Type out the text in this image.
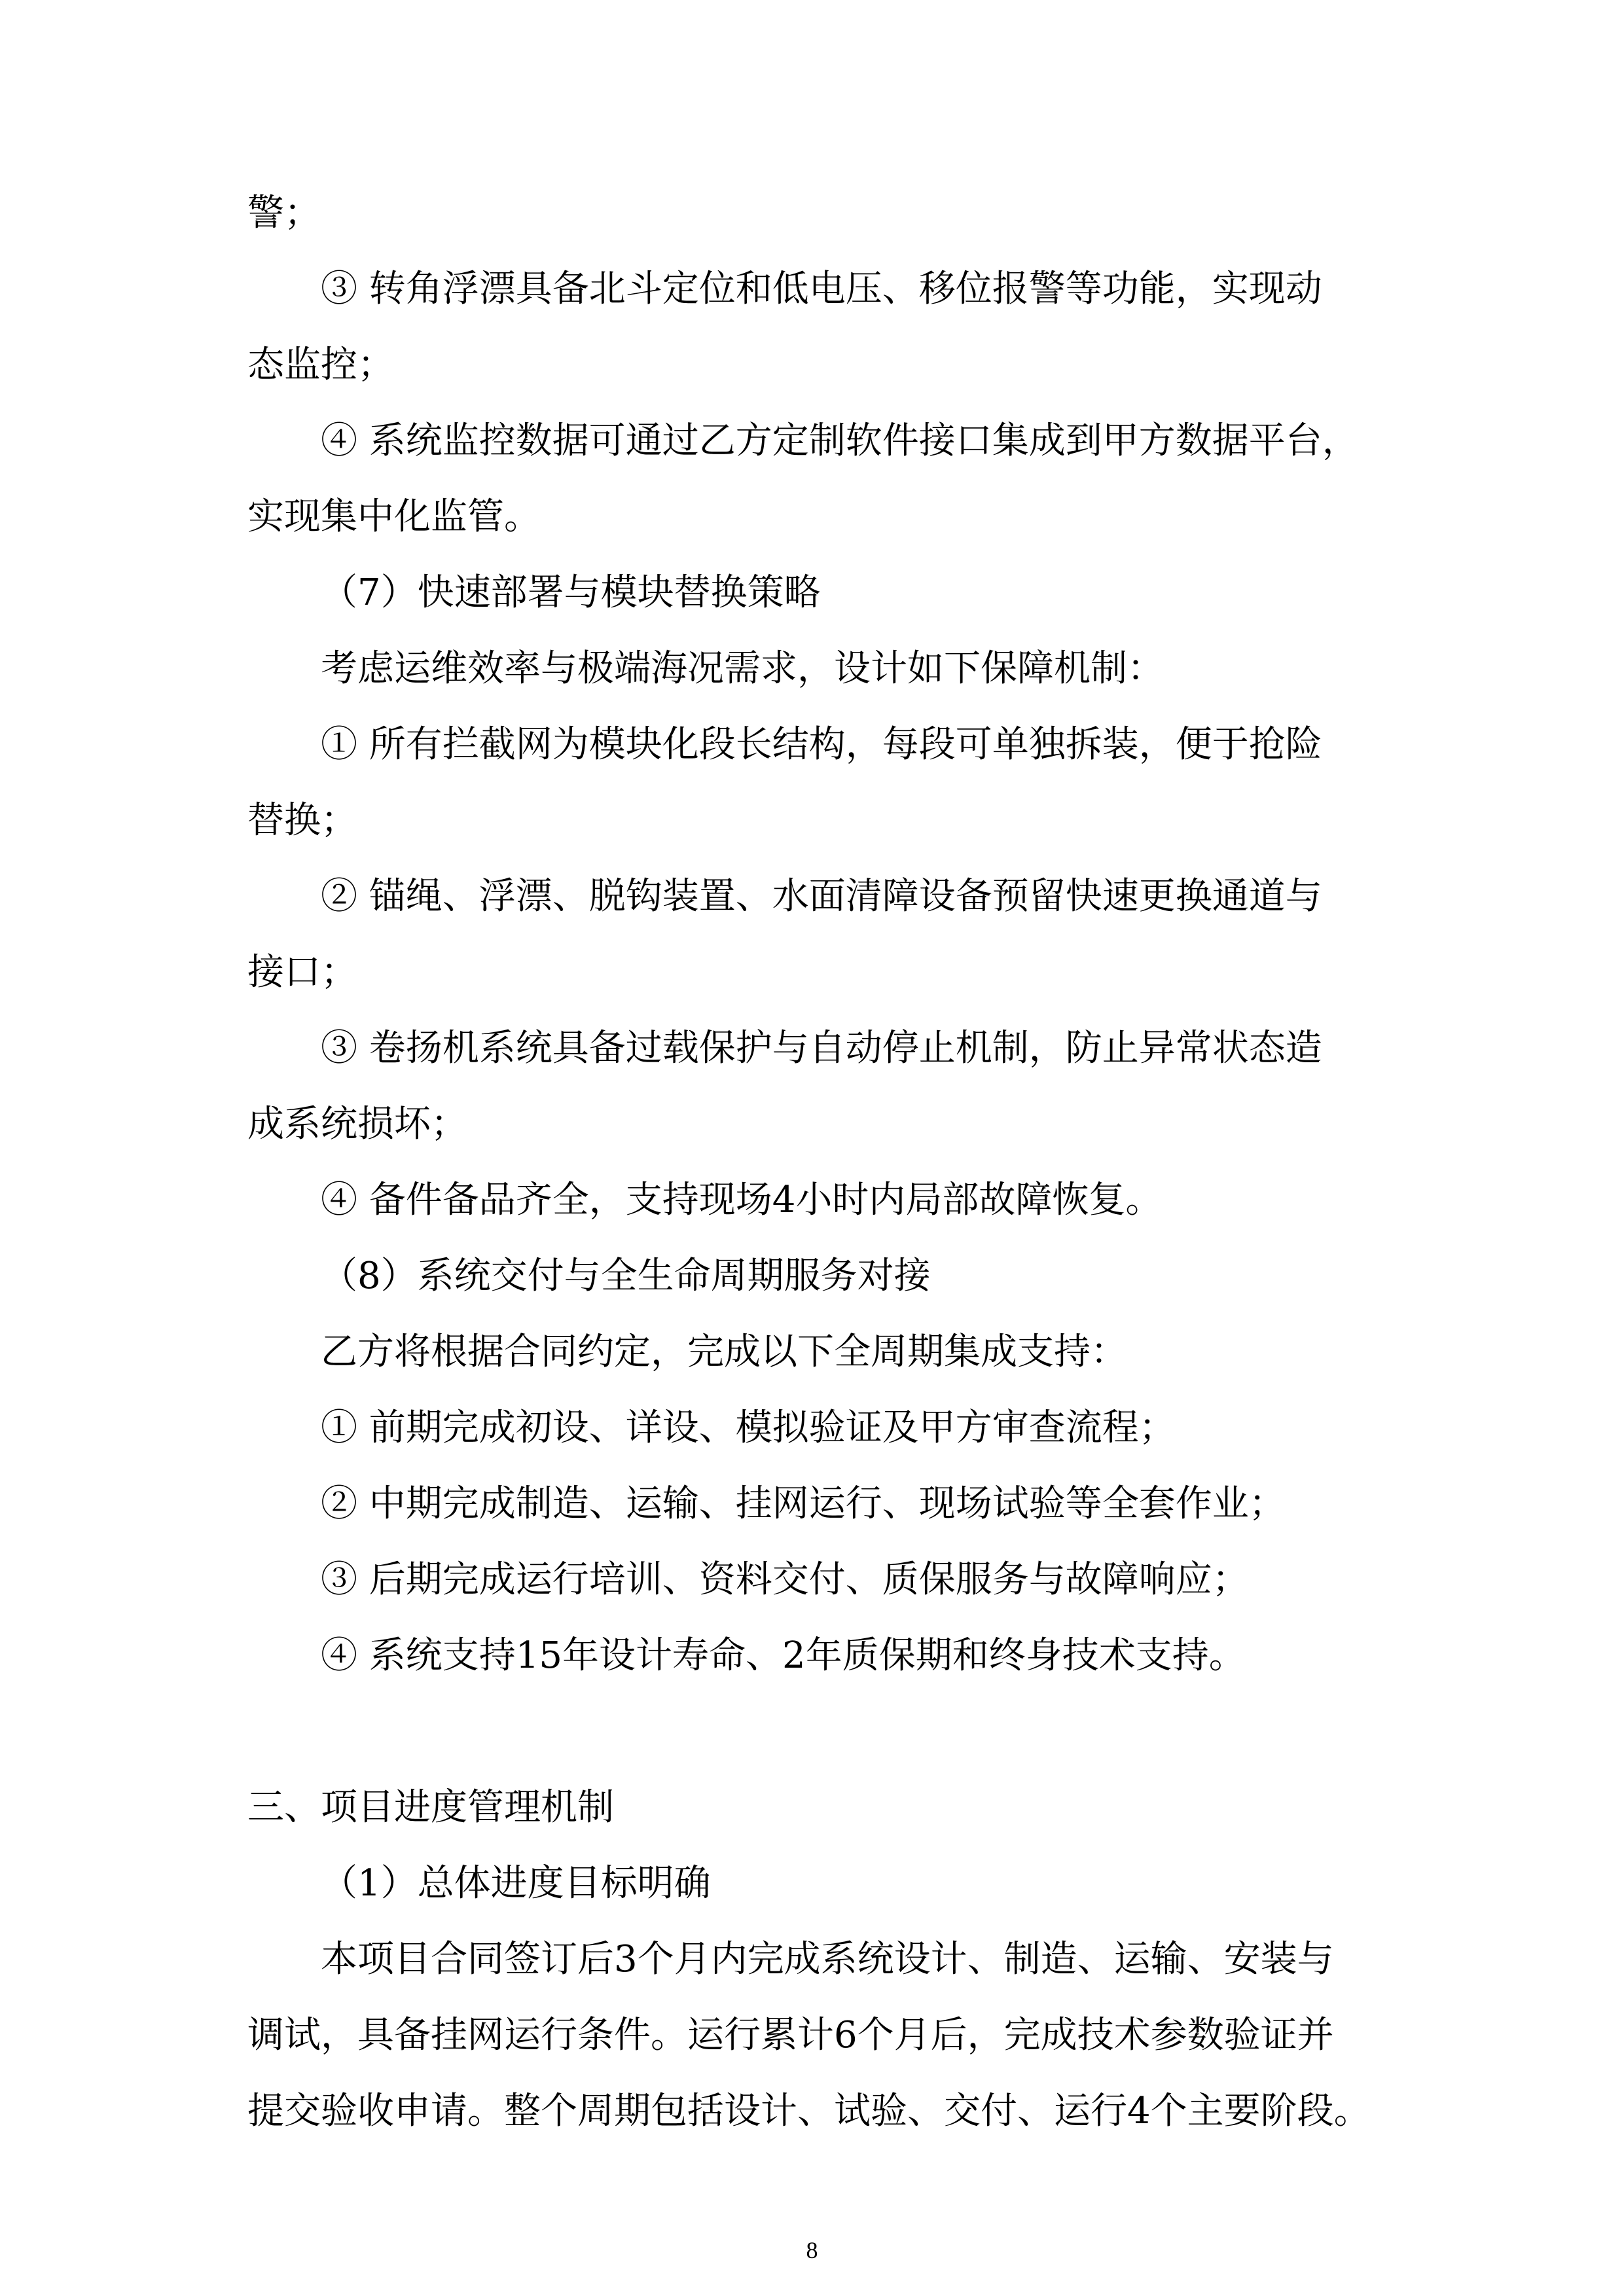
警；

③ 转角浮漂具备北斗定位和低电压、移位报警等功能，实现动

态监控；

④ 系统监控数据可通过乙方定制软件接口集成到甲方数据平台，

实现集中化监管。

（7）快速部署与模块替换策略

考虑运维效率与极端海况需求，设计如下保障机制：

① 所有拦截网为模块化段长结构，每段可单独拆装，便于抢险

替换；

② 锚绳、浮漂、脱钩装置、水面清障设备预留快速更换通道与

接口；

③ 卷扬机系统具备过载保护与自动停止机制，防止异常状态造

成系统损坏；

④ 备件备品齐全，支持现场4小时内局部故障恢复。

（8）系统交付与全生命周期服务对接

乙方将根据合同约定，完成以下全周期集成支持：

① 前期完成初设、详设、模拟验证及甲方审查流程；

② 中期完成制造、运输、挂网运行、现场试验等全套作业；

③ 后期完成运行培训、资料交付、质保服务与故障响应；

④ 系统支持15年设计寿命、2年质保期和终身技术支持。

三、项目进度管理机制

（1）总体进度目标明确

本项目合同签订后3个月内完成系统设计、制造、运输、安装与

调试，具备挂网运行条件。运行累计6个月后，完成技术参数验证并

提交验收申请。整个周期包括设计、试验、交付、运行4个主要阶段。

8
